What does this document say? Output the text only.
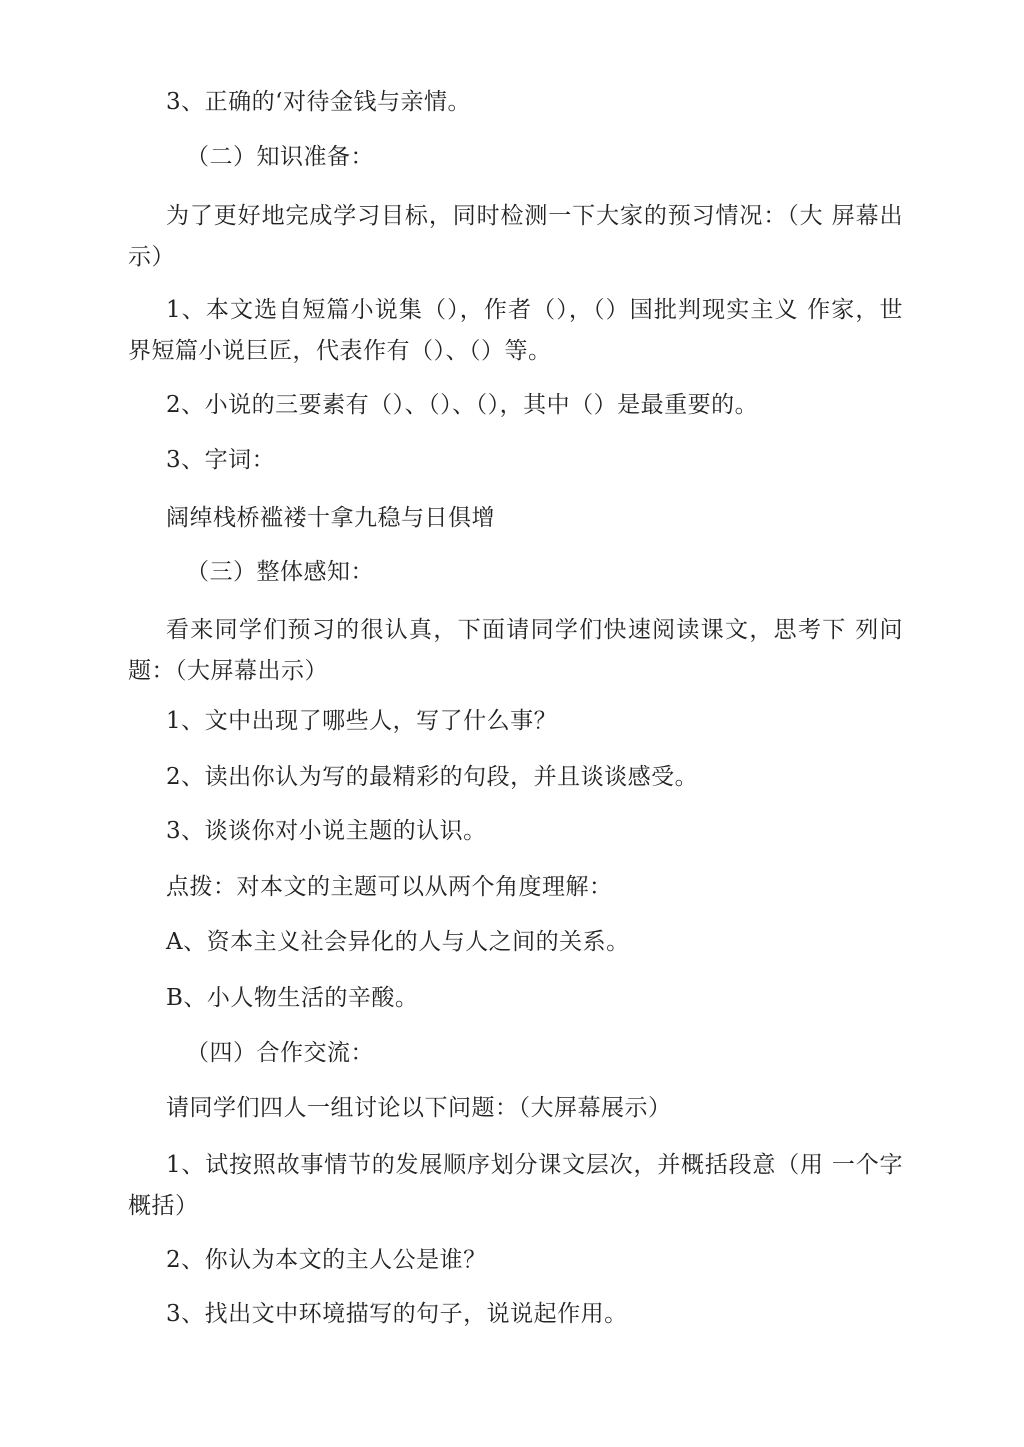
3、正确的‘对待金钱与亲情。
（二）知识准备：
为了更好地完成学习目标，同时检测一下大家的预习情况：（大 屏幕出示）
1、本文选自短篇小说集（），作者（），（）国批判现实主义 作家，世界短篇小说巨匠，代表作有（）、（）等。
2、小说的三要素有（）、（）、（），其中（）是最重要的。
3、字词：
阔绰栈桥褴褛十拿九稳与日俱增
（三）整体感知：
看来同学们预习的很认真，下面请同学们快速阅读课文，思考下 列问题：（大屏幕出示）
1、文中出现了哪些人，写了什么事？
2、读出你认为写的最精彩的句段，并且谈谈感受。
3、谈谈你对小说主题的认识。
点拨：对本文的主题可以从两个角度理解：
A、资本主义社会异化的人与人之间的关系。
B、小人物生活的辛酸。
（四）合作交流：
请同学们四人一组讨论以下问题：（大屏幕展示）
1、试按照故事情节的发展顺序划分课文层次，并概括段意（用 一个字概括）
2、你认为本文的主人公是谁？
3、找出文中环境描写的句子，说说起作用。
